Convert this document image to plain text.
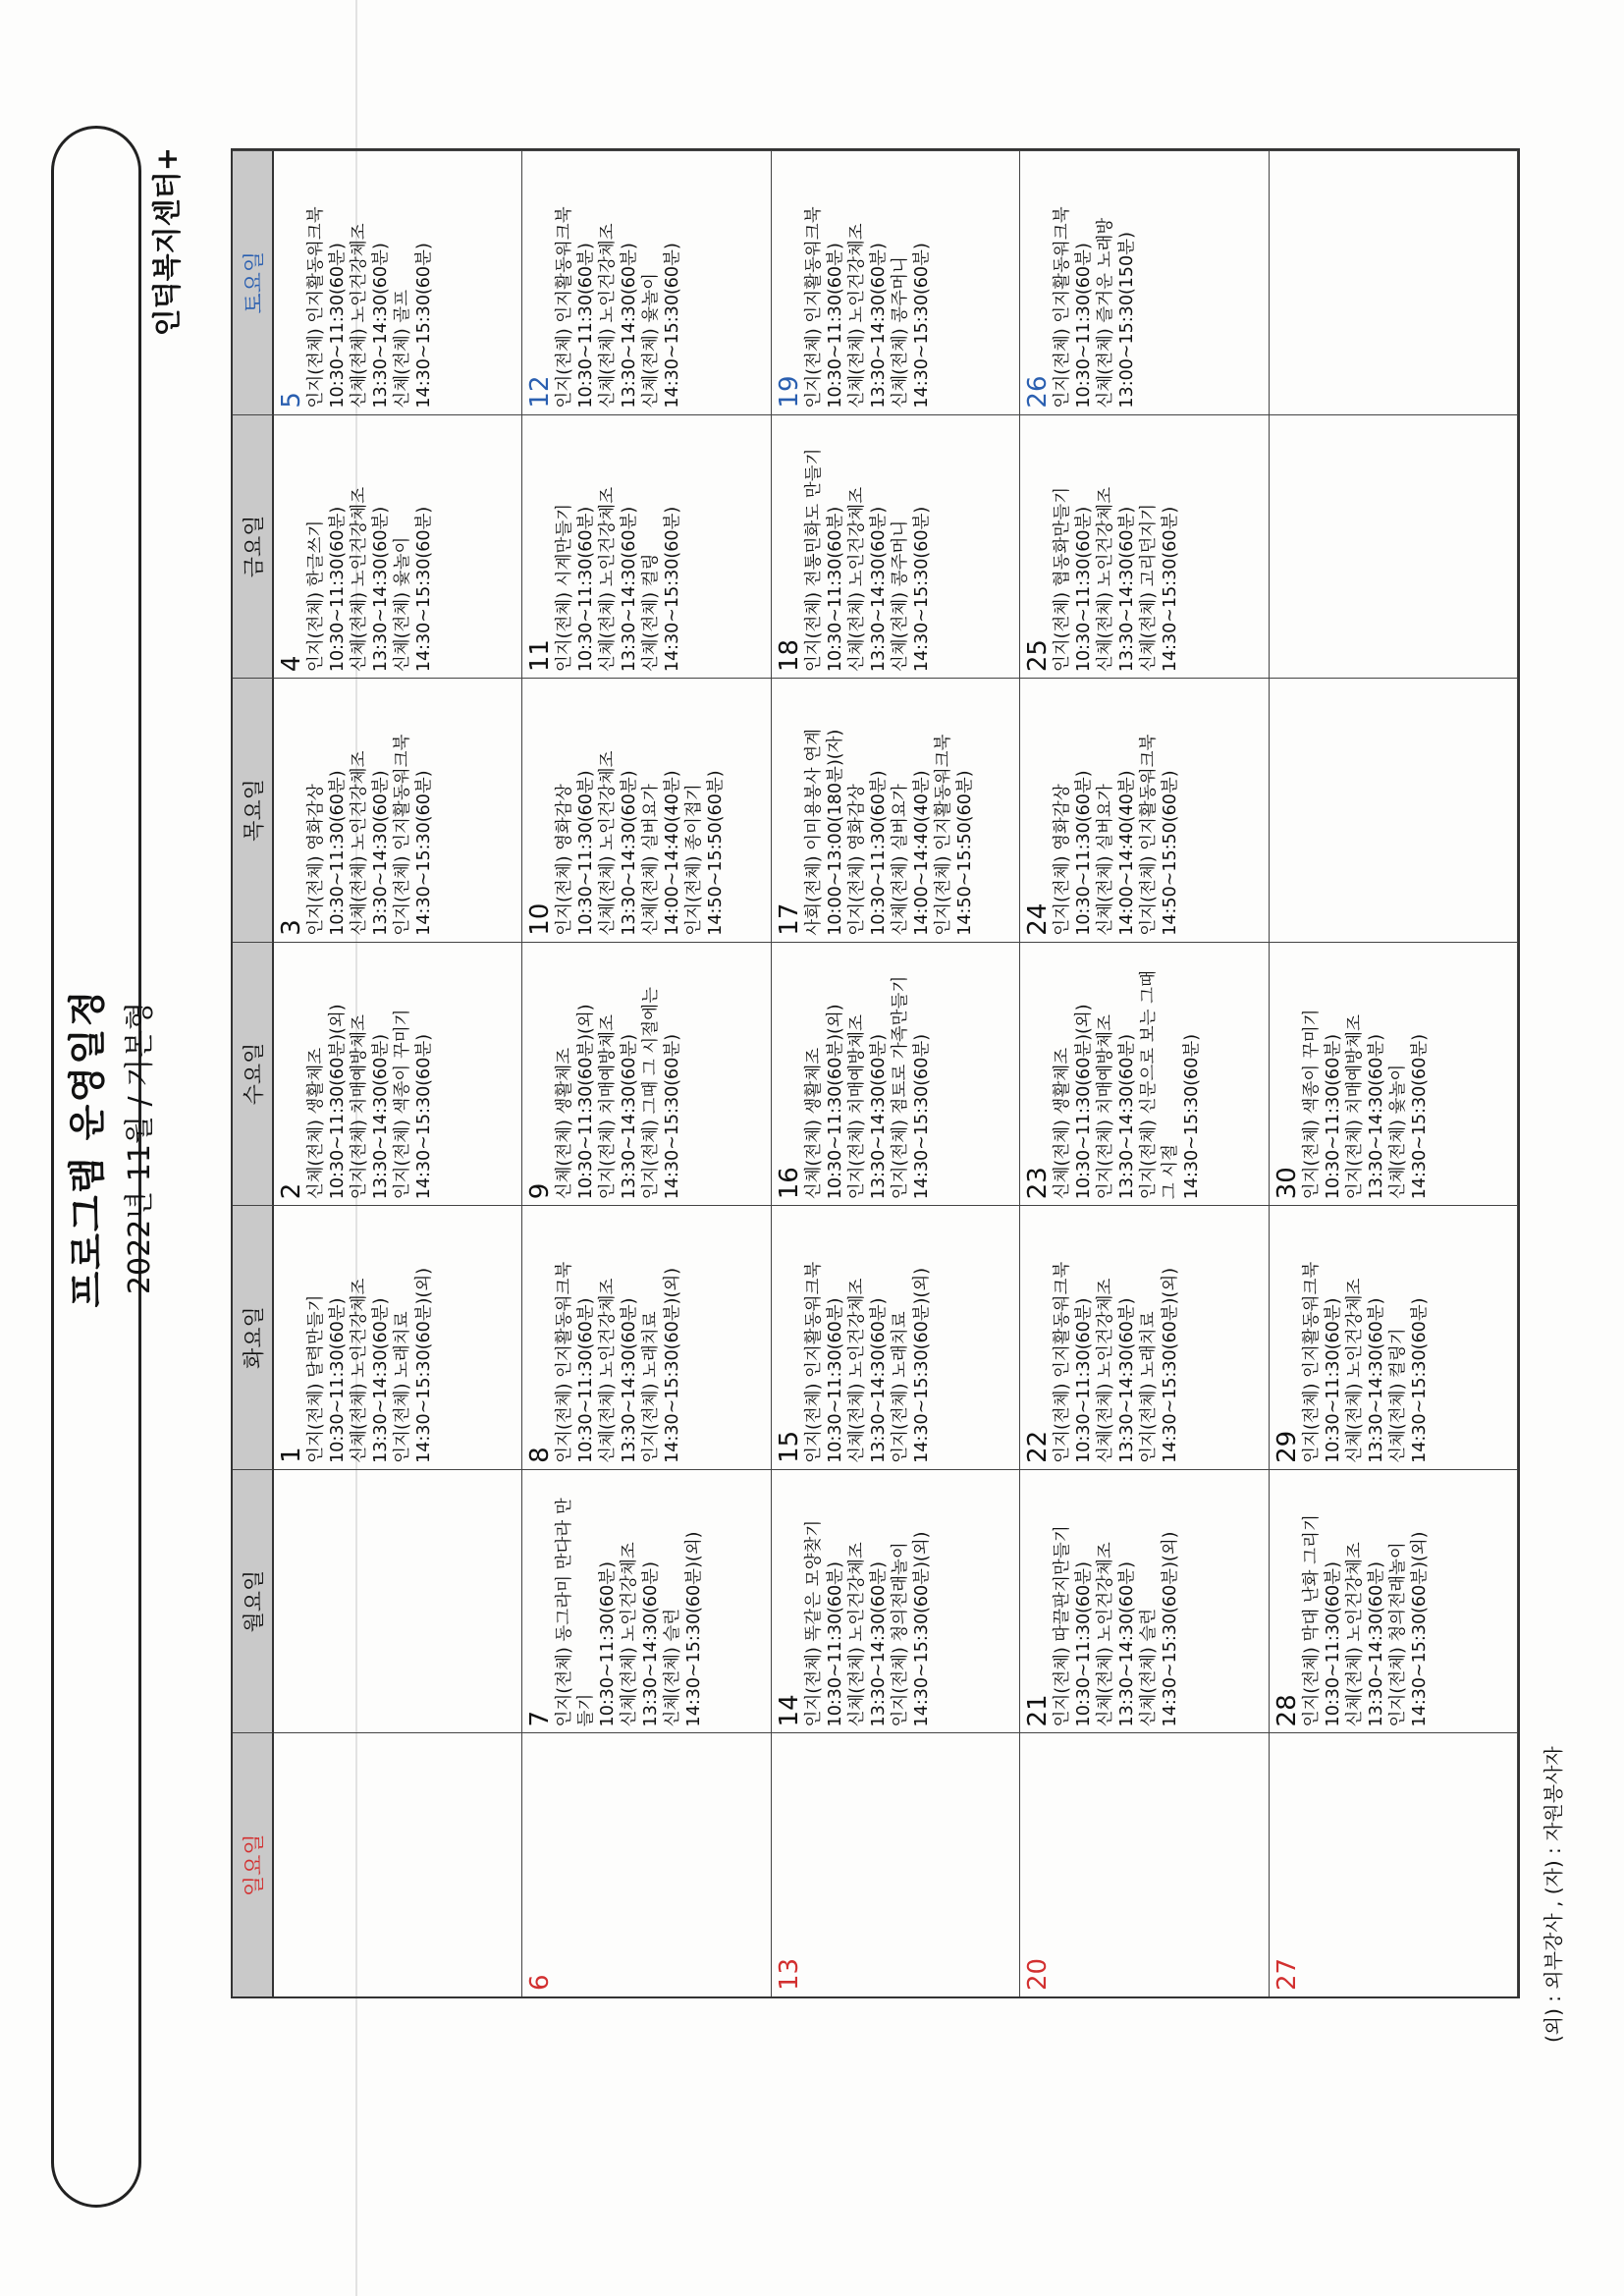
프로그램 운영일정 2022년 11월 / 기본형
인덕복지센터+
일요일
월요일
화요일
수요일
목요일
금요일
토요일
1 인지(전체) 달력만들기 10:30~11:30(60분) 신체(전체) 노인건강체조 13:30~14:30(60분) 인지(전체) 노래치료 14:30~15:30(60분)(외)
2 신체(전체) 생활체조 10:30~11:30(60분)(외) 인지(전체) 치매예방체조 13:30~14:30(60분) 인지(전체) 색종이 꾸미기 14:30~15:30(60분)
3 인지(전체) 영화감상 10:30~11:30(60분) 신체(전체) 노인건강체조 13:30~14:30(60분) 인지(전체) 인지활동워크북 14:30~15:30(60분)
4 인지(전체) 한글쓰기 10:30~11:30(60분) 신체(전체) 노인건강체조 13:30~14:30(60분) 신체(전체) 윷놀이 14:30~15:30(60분)
5 인지(전체) 인지활동워크북 10:30~11:30(60분) 신체(전체) 노인건강체조 13:30~14:30(60분) 신체(전체) 골프 14:30~15:30(60분)
6
7 인지(전체) 동그라미 만다라 만 들기 10:30~11:30(60분) 신체(전체) 노인건강체조 13:30~14:30(60분) 신체(전체) 슬런 14:30~15:30(60분)(외)
8 인지(전체) 인지활동워크북 10:30~11:30(60분) 신체(전체) 노인건강체조 13:30~14:30(60분) 인지(전체) 노래치료 14:30~15:30(60분)(외)
9 신체(전체) 생활체조 10:30~11:30(60분)(외) 인지(전체) 치매예방체조 13:30~14:30(60분) 인지(전체) 그때 그 시절에는 14:30~15:30(60분)
10 인지(전체) 영화감상 10:30~11:30(60분) 신체(전체) 노인건강체조 13:30~14:30(60분) 신체(전체) 실버요가 14:00~14:40(40분) 인지(전체) 종이접기 14:50~15:50(60분)
11 인지(전체) 시계만들기 10:30~11:30(60분) 신체(전체) 노인건강체조 13:30~14:30(60분) 신체(전체) 컬링 14:30~15:30(60분)
12 인지(전체) 인지활동워크북 10:30~11:30(60분) 신체(전체) 노인건강체조 13:30~14:30(60분) 신체(전체) 윷놀이 14:30~15:30(60분)
13
14 인지(전체) 똑같은 모양찾기 10:30~11:30(60분) 신체(전체) 노인건강체조 13:30~14:30(60분) 인지(전체) 청의전래놀이 14:30~15:30(60분)(외)
15 인지(전체) 인지활동워크북 10:30~11:30(60분) 신체(전체) 노인건강체조 13:30~14:30(60분) 인지(전체) 노래치료 14:30~15:30(60분)(외)
16 신체(전체) 생활체조 10:30~11:30(60분)(외) 인지(전체) 치매예방체조 13:30~14:30(60분) 인지(전체) 점토로 가족만들기 14:30~15:30(60분)
17 사회(전체) 이미용봉사 연계 10:00~13:00(180분)(자) 인지(전체) 영화감상 10:30~11:30(60분) 신체(전체) 실버요가 14:00~14:40(40분) 인지(전체) 인지활동워크북 14:50~15:50(60분)
18 인지(전체) 전통민화도 만들기 10:30~11:30(60분) 신체(전체) 노인건강체조 13:30~14:30(60분) 신체(전체) 콩주머니 14:30~15:30(60분)
19 인지(전체) 인지활동워크북 10:30~11:30(60분) 신체(전체) 노인건강체조 13:30~14:30(60분) 신체(전체) 콩주머니 14:30~15:30(60분)
20
21 인지(전체) 따끌판지만들기 10:30~11:30(60분) 신체(전체) 노인건강체조 13:30~14:30(60분) 신체(전체) 슬런 14:30~15:30(60분)(외)
22 인지(전체) 인지활동워크북 10:30~11:30(60분) 신체(전체) 노인건강체조 13:30~14:30(60분) 인지(전체) 노래치료 14:30~15:30(60분)(외)
23 신체(전체) 생활체조 10:30~11:30(60분)(외) 인지(전체) 치매예방체조 13:30~14:30(60분) 인지(전체) 신문으로 보는 그때 그 시절 14:30~15:30(60분)
24 인지(전체) 영화감상 10:30~11:30(60분) 신체(전체) 실버요가 14:00~14:40(40분) 인지(전체) 인지활동워크북 14:50~15:50(60분)
25 인지(전체) 협동화만들기 10:30~11:30(60분) 신체(전체) 노인건강체조 13:30~14:30(60분) 신체(전체) 고리던지기 14:30~15:30(60분)
26 인지(전체) 인지활동워크북 10:30~11:30(60분) 신체(전체) 즐거운 노래방 13:00~15:30(150분)
27
28 인지(전체) 막대 난화 그리기 10:30~11:30(60분) 신체(전체) 노인건강체조 13:30~14:30(60분) 인지(전체) 청의전래놀이 14:30~15:30(60분)(외)
29 인지(전체) 인지활동워크북 10:30~11:30(60분) 신체(전체) 노인건강체조 13:30~14:30(60분) 신체(전체) 컬링기 14:30~15:30(60분)
30 인지(전체) 색종이 꾸미기 10:30~11:30(60분) 인지(전체) 치매예방체조 13:30~14:30(60분) 신체(전체) 윷놀이 14:30~15:30(60분)
(외) : 외부강사 , (자) : 자원봉사자
